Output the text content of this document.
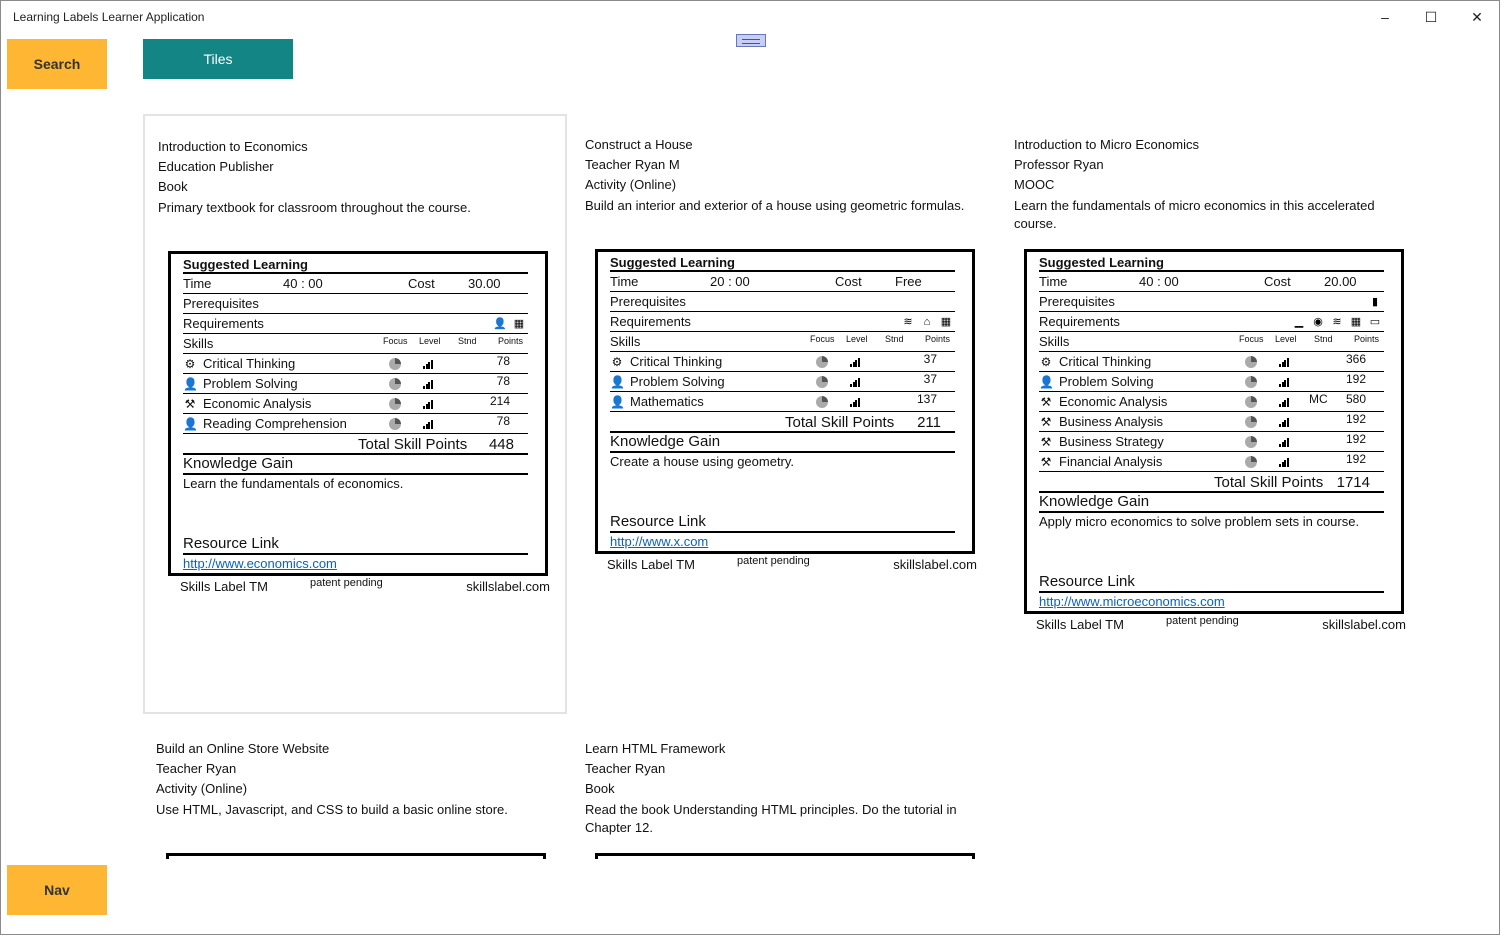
Learning Labels Learner Application	–	☐	✕
Search	Tiles
Nav
Introduction to Economics
Education Publisher
Book
Primary textbook for classroom throughout the course.
Suggested Learning
Time	40 : 00	Cost	30.00
Prerequisites
Requirements	👤 ▦
Skills	Focus Level Stnd Points
⚙ Critical Thinking	78
👤 Problem Solving	78
⚒ Economic Analysis	214
👤 Reading Comprehension	78
Total Skill Points 448
Knowledge Gain
Learn the fundamentals of economics.
Resource Link
http://www.economics.com
Skills Label TM	patent pending	skillslabel.com
Construct a House
Teacher Ryan M
Activity (Online)
Build an interior and exterior of a house using geometric formulas.
Suggested Learning
Time	20 : 00	Cost	Free
Prerequisites
Requirements	≋	⌂ ▦
Skills	Focus Level Stnd Points
⚙ Critical Thinking	37
👤 Problem Solving	37
👤 Mathematics	137
Total Skill Points 211
Knowledge Gain
Create a house using geometry.
Resource Link
http://www.x.com
Skills Label TM	patent pending	skillslabel.com
Introduction to Micro Economics
Professor Ryan
MOOC
Learn the fundamentals of micro economics in this accelerated course.
Suggested Learning
Time	40 : 00	Cost	20.00
Prerequisites	▮
Requirements	▁ ◉ ≋ ▦ ▭
Skills	Focus Level Stnd Points
⚙ Critical Thinking	366
👤 Problem Solving	192
⚒ Economic Analysis	MC 580
⚒ Business Analysis	192
⚒ Business Strategy	192
⚒ Financial Analysis	192
Total Skill Points 1714
Knowledge Gain
Apply micro economics to solve problem sets in course.
Resource Link
http://www.microeconomics.com
Skills Label TM	patent pending	skillslabel.com
Build an Online Store Website
Teacher Ryan
Activity (Online)
Use HTML, Javascript, and CSS to build a basic online store.
Learn HTML Framework
Teacher Ryan
Book
Read the book Understanding HTML principles. Do the tutorial in Chapter 12.
